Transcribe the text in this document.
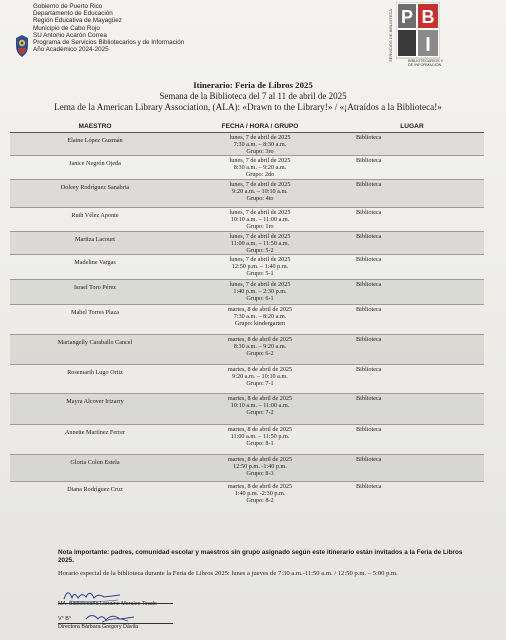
Gobierno de Puerto Rico
Departamento de Educación
Región Educativa de Mayagüez
Municipio de Cabo Rojo
SU Antonio Acarón Correa
Programa de Servicios Bibliotecarios y de Información
Año Académico 2024-2025	SERVICIOS DE BIBLIOTECA P B
I
BIBLIOTECARIOS Y DE INFORMACIÓN
Itinerario: Feria de Libros 2025
Semana de la Biblioteca del 7 al 11 de abril de 2025
Lema de la American Library Association, (ALA): «Drawn to the Library!» / «¡Atraídos a la Biblioteca!»
MAESTRO	FECHA / HORA / GRUPO	LUGAR
Elaine López Guzmán	lunes, 7 de abril de 2025
7:30 a.m. – 8:30 a.m.
Grupo: 3ro	Biblioteca
Janice Negrón Ojeda	lunes, 7 de abril de 2025
8:30 a.m. – 9:20 a.m.
Grupo: 2do	Biblioteca
Doleey Rodríguez Sanabria	lunes, 7 de abril de 2025
9:20 a.m. – 10:10 a.m.
Grupo: 4to	Biblioteca
Ruth Vélez Aponte	lunes, 7 de abril de 2025
10:10 a.m. – 11:00 a.m.
Grupo: 1ro	Biblioteca
Maritza Lacourt	lunes, 7 de abril de 2025
11:00 a.m. – 11:50 a.m.
Grupo: 5-2	Biblioteca
Madeline Vargas	lunes, 7 de abril de 2025
12:50 p.m. – 1:40 p.m.
Grupo: 5-1	Biblioteca
Israel Toro Pérez	lunes, 7 de abril de 2025
1:40 p.m. – 2:30 p.m.
Grupo: 6-1	Biblioteca
Mabel Torres Plaza	martes, 8 de abril de 2025
7:30 a.m. – 8:20 a.m.
Grupo: kindergarten	Biblioteca
Mariangelly Caraballo Cancel	martes, 8 de abril de 2025
8:30 a.m. – 9:20 a.m.
Grupo: 6-2	Biblioteca
Rosemarih Lugo Ortiz	martes, 8 de abril de 2025
9:20 a.m. – 10:10 a.m.
Grupo: 7-1	Biblioteca
Mayra Alcover Irizarry	martes, 8 de abril de 2025
10:10 a.m. – 11:00 a.m.
Grupo: 7-2	Biblioteca
Annette Martínez Ferrer	martes, 8 de abril de 2025
11:00 a.m. – 11:50 p.m.
Grupo: 8-1	Biblioteca
Gloria Colon Estela	martes, 8 de abril de 2025
12:50 p.m. -1:40 p.m.
Grupo: 8-3	Biblioteca
Diana Rodríguez Cruz	martes, 8 de abril de 2025
1:40 p.m. -2:30 p.m.
Grupo: 8-2	Biblioteca
Nota importante: padres, comunidad escolar y maestros sin grupo asignado según este itinerario están invitados a la Feria de Libros 2025.
Horario especial de la biblioteca durante la Feria de Libros 2025: lunes a jueves de 7:30 a.m.-11:50 a.m. / 12:50 p.m. – 5:00 p.m.
MA. Bibliotecaria Lorraine Morales Tirado
V° B°
Directora Bárbara Gregory Dávila
